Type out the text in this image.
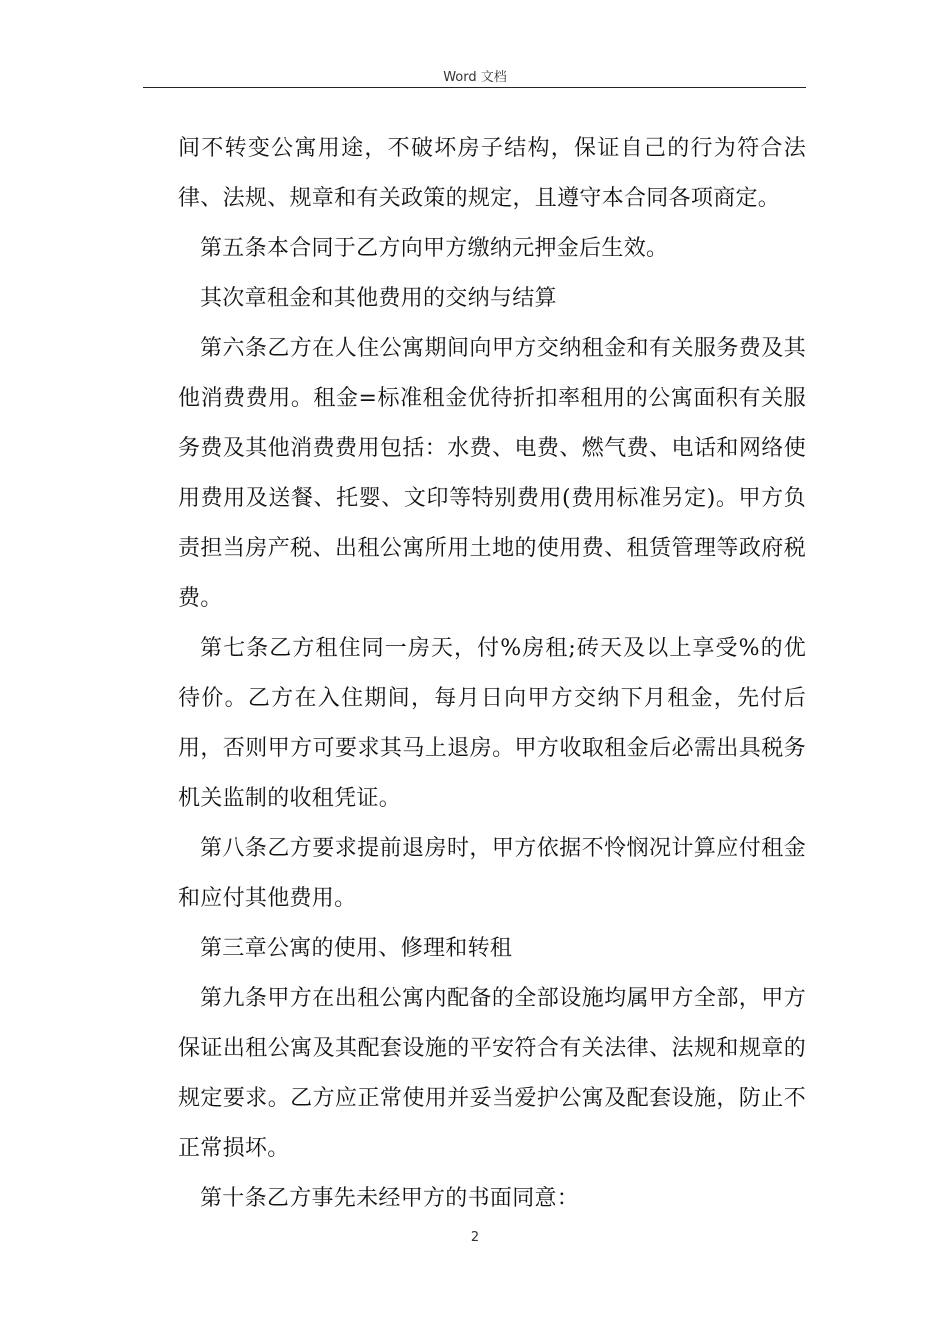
Word 文档

间不转变公寓用途，不破坏房子结构，保证自己的行为符合法律、法规、规章和有关政策的规定，且遵守本合同各项商定。

第五条本合同于乙方向甲方缴纳元押金后生效。

其次章租金和其他费用的交纳与结算

第六条乙方在人住公寓期间向甲方交纳租金和有关服务费及其他消费费用。租金=标准租金优待折扣率租用的公寓面积有关服务费及其他消费费用包括：水费、电费、燃气费、电话和网络使用费用及送餐、托婴、文印等特别费用(费用标准另定)。甲方负责担当房产税、出租公寓所用土地的使用费、租赁管理等政府税费。

第七条乙方租住同一房天，付%房租;砖天及以上享受%的优待价。乙方在入住期间，每月日向甲方交纳下月租金，先付后用，否则甲方可要求其马上退房。甲方收取租金后必需出具税务机关监制的收租凭证。

第八条乙方要求提前退房时，甲方依据不怜悯况计算应付租金和应付其他费用。

第三章公寓的使用、修理和转租

第九条甲方在出租公寓内配备的全部设施均属甲方全部，甲方保证出租公寓及其配套设施的平安符合有关法律、法规和规章的规定要求。乙方应正常使用并妥当爱护公寓及配套设施，防止不正常损坏。

第十条乙方事先未经甲方的书面同意：

2
